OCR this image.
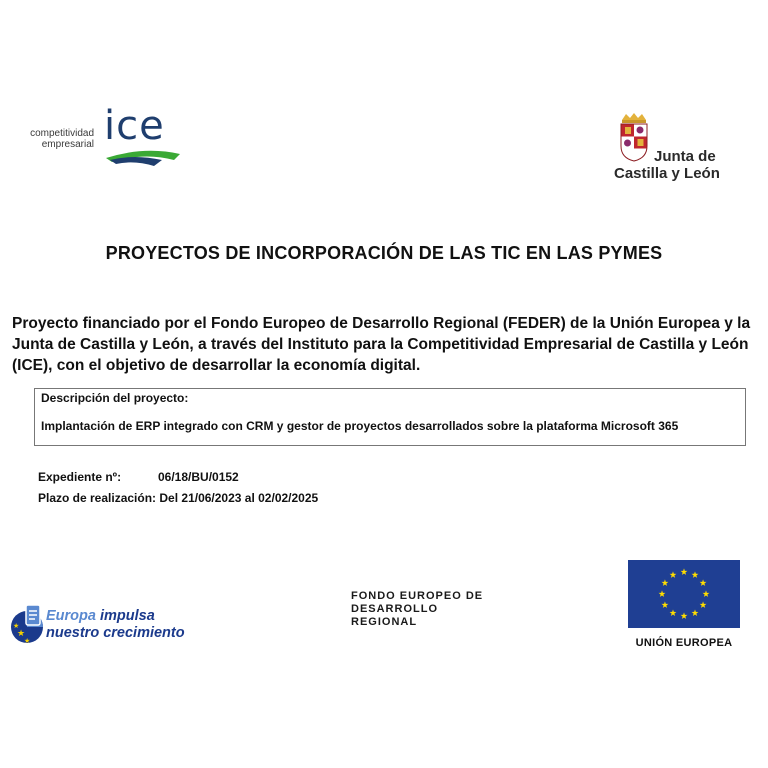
competitividad
empresarial ice
Junta de
Castilla y León
PROYECTOS DE INCORPORACIÓN DE LAS TIC EN LAS PYMES
Proyecto financiado por el Fondo Europeo de Desarrollo Regional (FEDER) de la Unión Europea y la Junta de Castilla y León, a través del Instituto para la Competitividad Empresarial de Castilla y León (ICE), con el objetivo de desarrollar la economía digital.
Descripción del proyecto:
Implantación de ERP integrado con CRM y gestor de proyectos desarrollados sobre la plataforma Microsoft 365
Expediente nº:	06/18/BU/0152
Plazo de realización: Del 21/06/2023 al 02/02/2025
★
★
★
Europa impulsa
nuestro crecimiento
FONDO EUROPEO DE
DESARROLLO
REGIONAL
UNIÓN EUROPEA
